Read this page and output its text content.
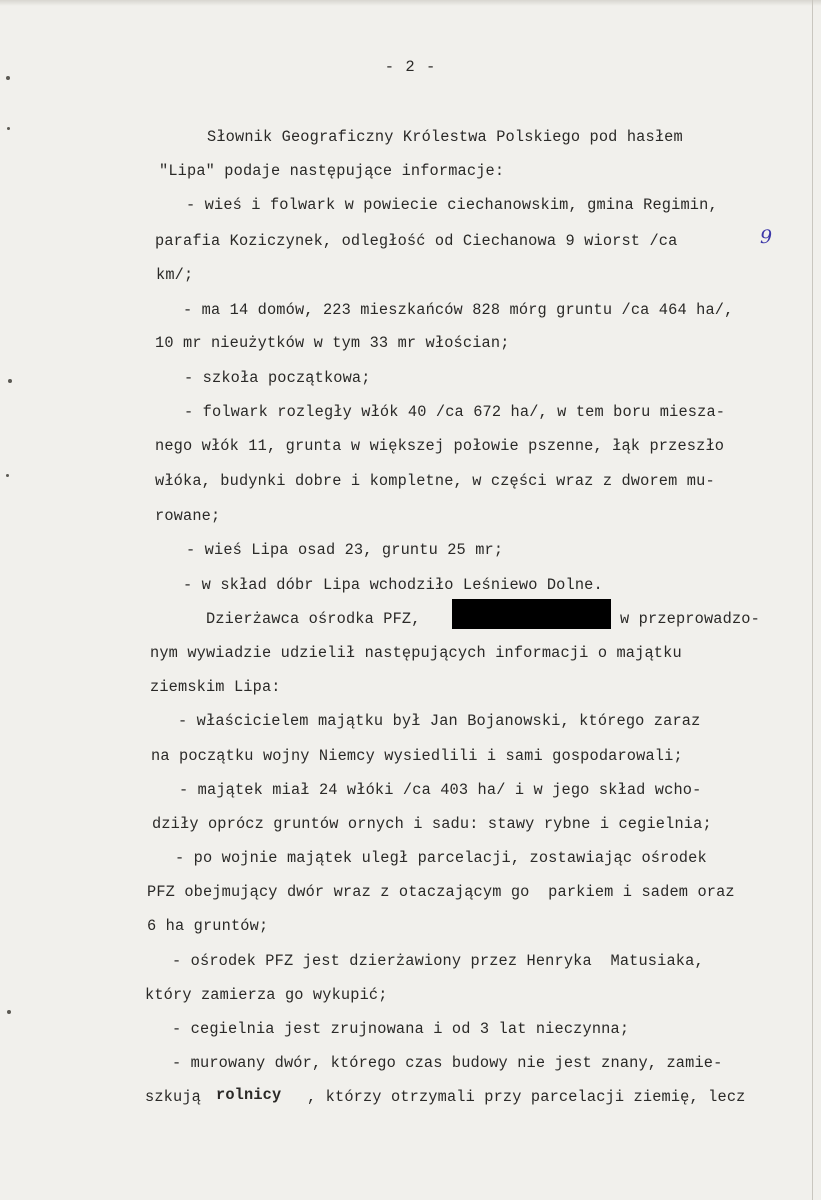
- 2 -
Słownik Geograficzny Królestwa Polskiego pod hasłem
"Lipa" podaje następujące informacje:
- wieś i folwark w powiecie ciechanowskim, gmina Regimin,
parafia Koziczynek, odległość od Ciechanowa 9 wiorst /ca	9
km/;
- ma 14 domów, 223 mieszkańców 828 mórg gruntu /ca 464 ha/,
10 mr nieużytków w tym 33 mr włościan;
- szkoła początkowa;
- folwark rozległy włók 40 /ca 672 ha/, w tem boru miesza-
nego włók 11, grunta w większej połowie pszenne, łąk przeszło
włóka, budynki dobre i kompletne, w części wraz z dworem mu-
rowane;
- wieś Lipa osad 23, gruntu 25 mr;
- w skład dóbr Lipa wchodziło Leśniewo Dolne.
Dzierżawca ośrodka PFZ,	w przeprowadzo-
nym wywiadzie udzielił następujących informacji o majątku
ziemskim Lipa:
- właścicielem majątku był Jan Bojanowski, którego zaraz
na początku wojny Niemcy wysiedlili i sami gospodarowali;
- majątek miał 24 włóki /ca 403 ha/ i w jego skład wcho-
dziły oprócz gruntów ornych i sadu: stawy rybne i cegielnia;
- po wojnie majątek uległ parcelacji, zostawiając ośrodek
PFZ obejmujący dwór wraz z otaczającym go  parkiem i sadem oraz
6 ha gruntów;
- ośrodek PFZ jest dzierżawiony przez Henryka  Matusiaka,
który zamierza go wykupić;
- cegielnia jest zrujnowana i od 3 lat nieczynna;
- murowany dwór, którego czas budowy nie jest znany, zamie-
szkują rolnicy , którzy otrzymali przy parcelacji ziemię, lecz
